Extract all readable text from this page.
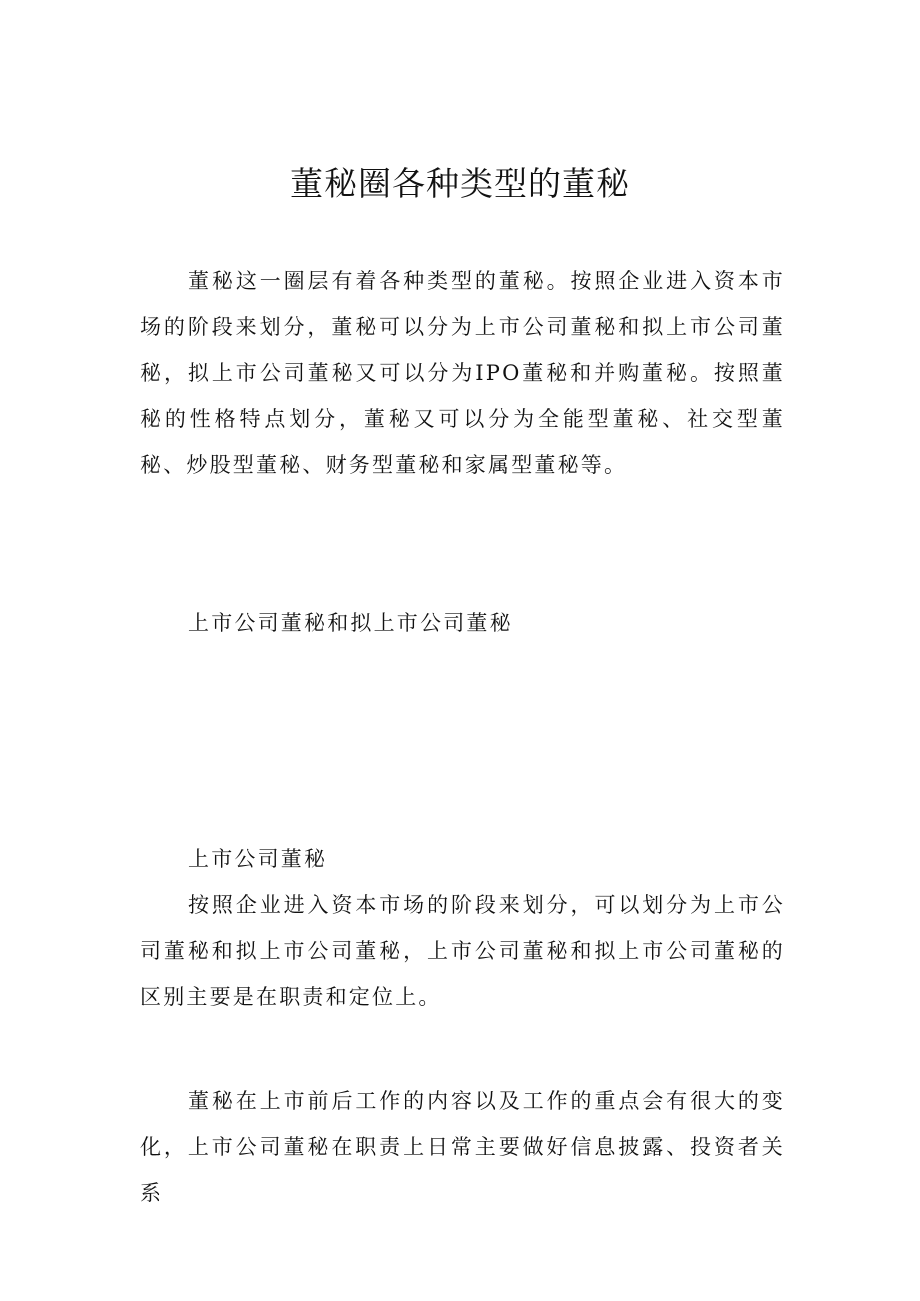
董秘圈各种类型的董秘

董秘这一圈层有着各种类型的董秘。按照企业进入资本市场的阶段来划分，董秘可以分为上市公司董秘和拟上市公司董秘，拟上市公司董秘又可以分为IPO董秘和并购董秘。按照董秘的性格特点划分，董秘又可以分为全能型董秘、社交型董秘、炒股型董秘、财务型董秘和家属型董秘等。

上市公司董秘和拟上市公司董秘
上市公司董秘

按照企业进入资本市场的阶段来划分，可以划分为上市公司董秘和拟上市公司董秘，上市公司董秘和拟上市公司董秘的区别主要是在职责和定位上。

董秘在上市前后工作的内容以及工作的重点会有很大的变化，上市公司董秘在职责上日常主要做好信息披露、投资者关系
